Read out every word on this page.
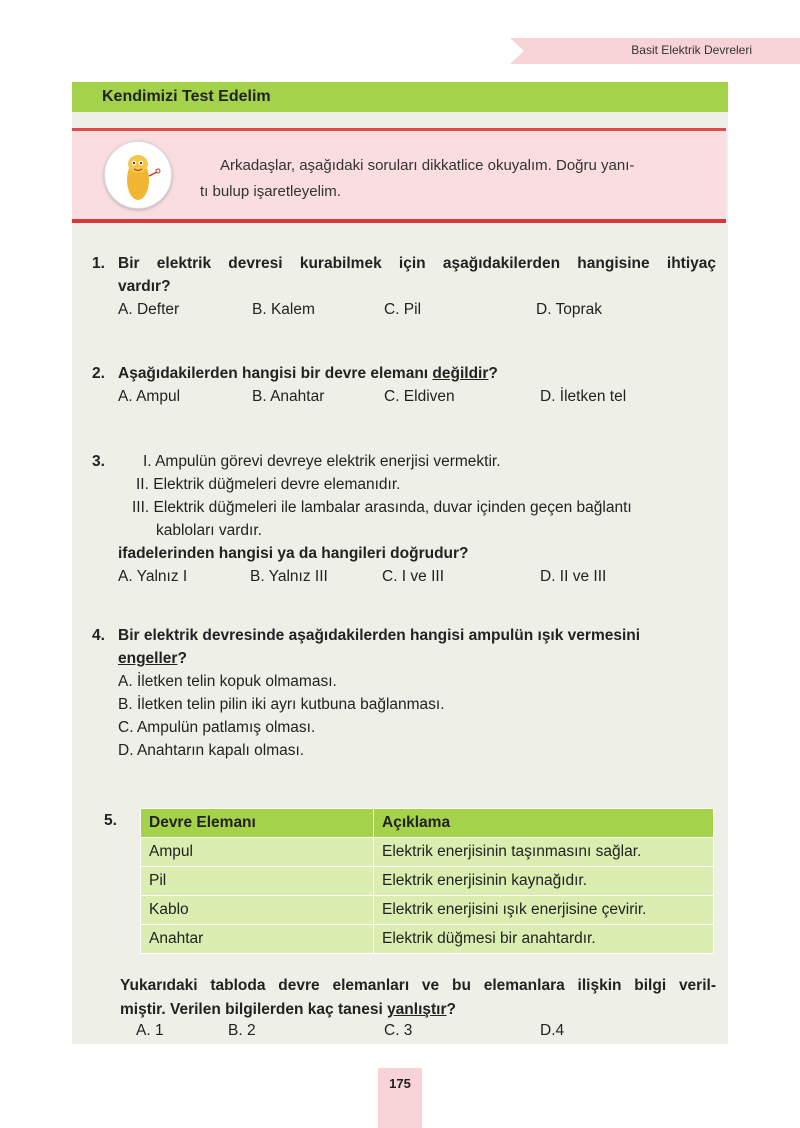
Basit Elektrik Devreleri
Kendimizi Test Edelim
Arkadaşlar, aşağıdaki soruları dikkatlice okuyalım. Doğru yanı-
tı bulup işaretleyelim.
1. Bir elektrik devresi kurabilmek için aşağıdakilerden hangisine ihtiyaç
vardır?
A. Defter	B. Kalem	C. Pil	D. Toprak
2. Aşağıdakilerden hangisi bir devre elemanı değildir?
A. Ampul	B. Anahtar	C. Eldiven	D. İletken tel
3. I. Ampulün görevi devreye elektrik enerjisi vermektir.
II. Elektrik düğmeleri devre elemanıdır.
III. Elektrik düğmeleri ile lambalar arasında, duvar içinden geçen bağlantı
kabloları vardır.
ifadelerinden hangisi ya da hangileri doğrudur?
A. Yalnız I	B. Yalnız III	C. I ve III	D. II ve III
4. Bir elektrik devresinde aşağıdakilerden hangisi ampulün ışık vermesini
engeller?
A. İletken telin kopuk olmaması.
B. İletken telin pilin iki ayrı kutbuna bağlanması.
C. Ampulün patlamış olması.
D. Anahtarın kapalı olması.
5. Devre Elemanı	Açıklama
Ampul	Elektrik enerjisinin taşınmasını sağlar.
Pil	Elektrik enerjisinin kaynağıdır.
Kablo	Elektrik enerjisini ışık enerjisine çevirir.
Anahtar	Elektrik düğmesi bir anahtardır.
Yukarıdaki tabloda devre elemanları ve bu elemanlara ilişkin bilgi veril-
miştir. Verilen bilgilerden kaç tanesi yanlıştır?
A. 1	B. 2	C. 3	D.4
175
